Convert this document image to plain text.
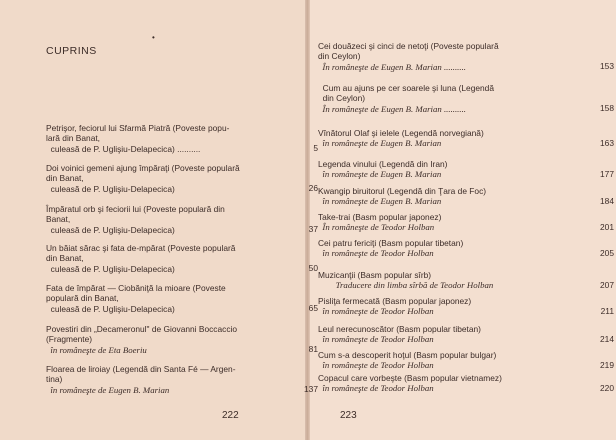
•
CUPRINS
222	223
Petrişor, feciorul lui Sfarmă Piatră (Poveste popu-
lară din Banat,
culeasă de P. Uglişiu-Delapecica) ..........	5
Doi voinici gemeni ajung împăraţi (Poveste populară
din Banat,
culeasă de P. Uglişiu-Delapecica)	26
Împăratul orb şi feciorii lui (Poveste populară din
Banat,
culeasă de P. Uglişiu-Delapecica)	37
Un băiat sărac şi fata de-mpărat (Poveste populară
din Banat,
culeasă de P. Uglişiu-Delapecica)	50
Fata de împărat — Ciobăniţă la mioare (Poveste
populară din Banat,
culeasă de P. Uglişiu-Delapecica)	65
Povestiri din „Decameronul" de Giovanni Boccaccio
(Fragmente)
în româneşte de Eta Boeriu	81
Floarea de liroiay (Legendă din Santa Fé — Argen-
tina)
în româneşte de Eugen B. Marian	137
Cei douăzeci şi cinci de netoţi (Poveste populară
din Ceylon)
În româneşte de Eugen B. Marian ..........	153
Cum au ajuns pe cer soarele şi luna (Legendă
din Ceylon)
În româneşte de Eugen B. Marian ..........	158
Vînătorul Olaf şi ielele (Legendă norvegiană)
în româneşte de Eugen B. Marian	163
Legenda vinului (Legendă din Iran)
în româneşte de Eugen B. Marian	177
Kwangip biruitorul (Legendă din Ţara de Foc)
în româneşte de Eugen B. Marian	184
Take-trai (Basm popular japonez)
În româneşte de Teodor Holban	201
Cei patru fericiţi (Basm popular tibetan)
în româneşte de Teodor Holban	205
Muzicanţii (Basm popular sîrb)
Traducere din limba sîrbă de Teodor Holban	207
Pisliţa fermecată (Basm popular japonez)
în româneşte de Teodor Holban	211
Leul nerecunoscător (Basm popular tibetan)
în româneşte de Teodor Holban	214
Cum s-a descoperit hoţul (Basm popular bulgar)
în româneşte de Teodor Holban	219
Copacul care vorbeşte (Basm popular vietnamez)
în româneşte de Teodor Holban	220
